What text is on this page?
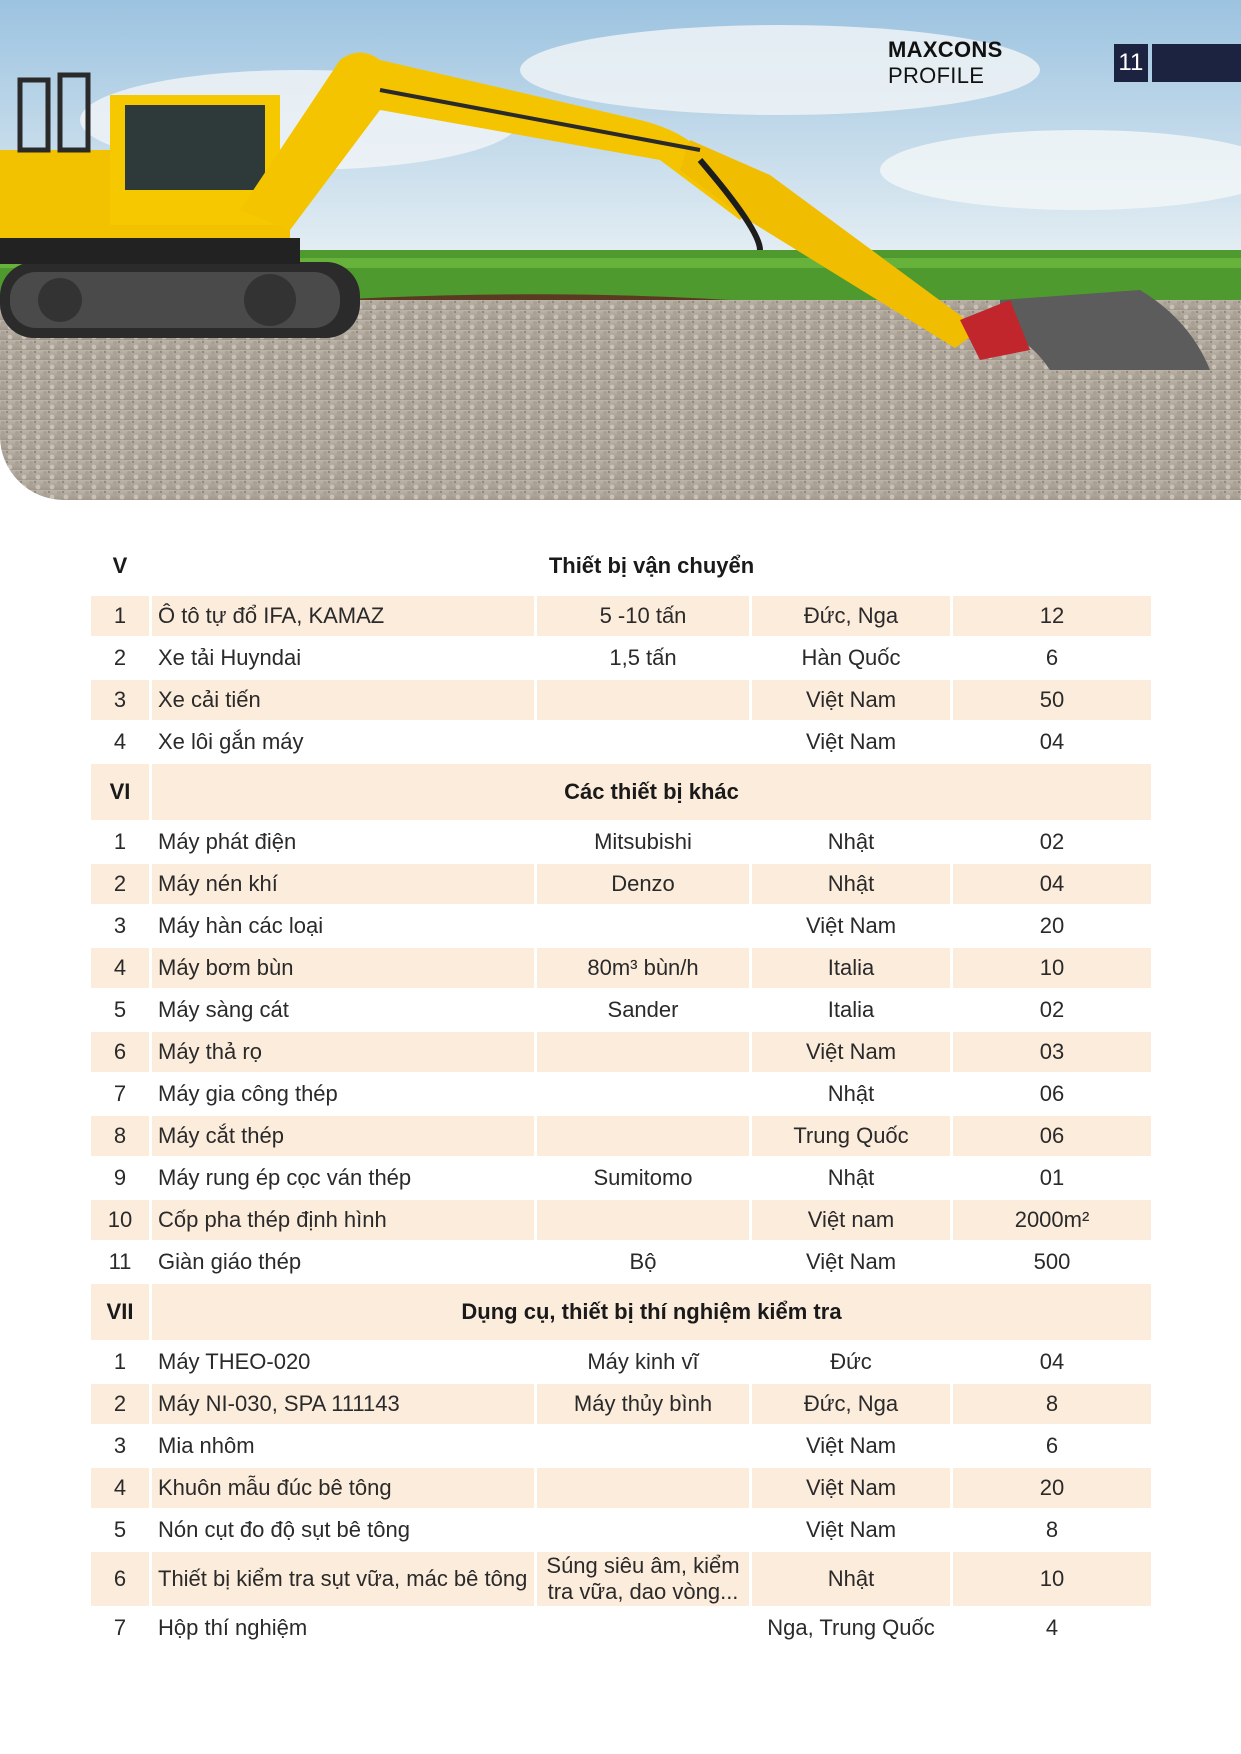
MAXCONS PROFILE	11
V	Thiết bị vận chuyển			
1	Ô tô tự đổ IFA, KAMAZ	5 -10 tấn	Đức, Nga	12
2	Xe tải Huyndai	1,5 tấn	Hàn Quốc	6
3	Xe cải tiến		Việt Nam	50
4	Xe lôi gắn máy		Việt Nam	04
VI	Các thiết bị khác			
1	Máy phát điện	Mitsubishi	Nhật	02
2	Máy nén khí	Denzo	Nhật	04
3	Máy hàn các loại		Việt Nam	20
4	Máy bơm bùn	80m³ bùn/h	Italia	10
5	Máy sàng cát	Sander	Italia	02
6	Máy thả rọ		Việt Nam	03
7	Máy gia công thép		Nhật	06
8	Máy cắt thép		Trung Quốc	06
9	Máy rung ép cọc ván thép	Sumitomo	Nhật	01
10	Cốp pha thép định hình		Việt nam	2000m²
11	Giàn giáo thép	Bộ	Việt Nam	500
VII	Dụng cụ, thiết bị thí nghiệm kiểm tra			
1	Máy THEO-020	Máy kinh vĩ	Đức	04
2	Máy NI-030, SPA 111143	Máy thủy bình	Đức, Nga	8
3	Mia nhôm		Việt Nam	6
4	Khuôn mẫu đúc bê tông		Việt Nam	20
5	Nón cụt đo độ sụt bê tông		Việt Nam	8
6	Thiết bị kiểm tra sụt vữa, mác bê tông	Súng siêu âm, kiểm tra vữa, dao vòng...	Nhật	10
7	Hộp thí nghiệm		Nga, Trung Quốc	4
